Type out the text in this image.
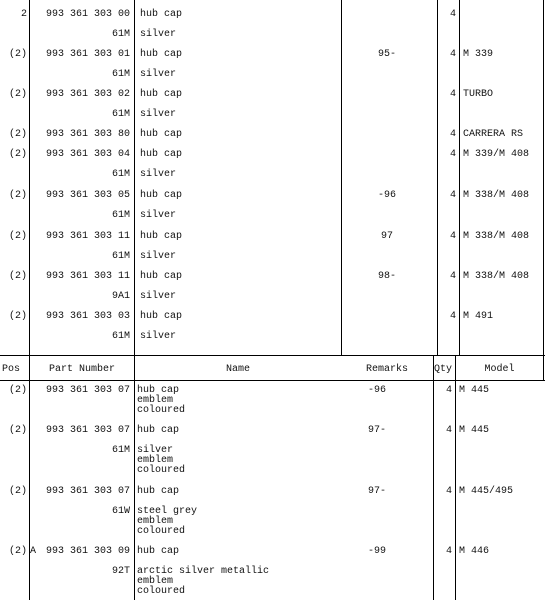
Pos	Part Number	Name	Remarks	Qty	Model
2	993 361 303 00 hub cap	4
61M silver
(2)	993 361 303 01 hub cap	95-	4 M 339
61M silver
(2)	993 361 303 02 hub cap	4 TURBO
61M silver
(2)	993 361 303 80 hub cap	4 CARRERA RS
(2)	993 361 303 04 hub cap	4 M 339/M 408
61M silver
(2)	993 361 303 05 hub cap	-96	4 M 338/M 408
61M silver
(2)	993 361 303 11 hub cap	97	4 M 338/M 408
61M silver
(2)	993 361 303 11 hub cap	98-	4 M 338/M 408
9A1 silver
(2)	993 361 303 03 hub cap	4 M 491
61M silver
(2)	993 361 303 07 hub cap
emblem
coloured
-96	4 M 445
(2)	993 361 303 07 hub cap	97-	4 M 445
61M silver
emblem
coloured
(2)	993 361 303 07 hub cap	97-	4 M 445/495
61W steel grey
emblem
coloured
(2) A 993 361 303 09 hub cap	-99	4 M 446
92T arctic silver metallic
emblem
coloured
